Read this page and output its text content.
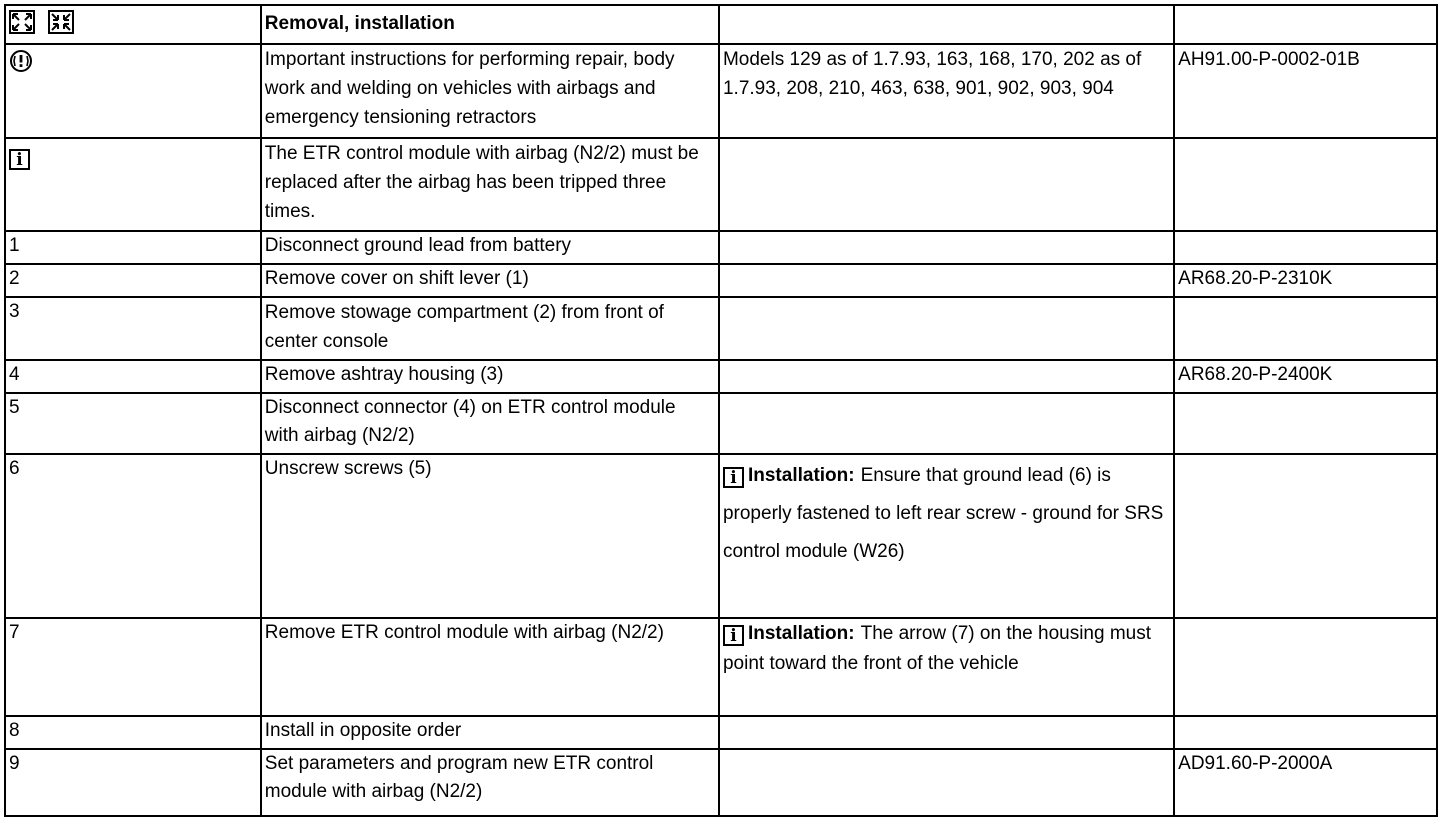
	Removal, installation		
	Important instructions for performing repair, body work and welding on vehicles with airbags and emergency tensioning retractors	Models 129 as of 1.7.93, 163, 168, 170, 202 as of 1.7.93, 208, 210, 463, 638, 901, 902, 903, 904	AH91.00-P-0002-01B
i	The ETR control module with airbag (N2/2) must be replaced after the airbag has been tripped three times.		
1	Disconnect ground lead from battery		
2	Remove cover on shift lever (1)		AR68.20-P-2310K
3	Remove stowage compartment (2) from front of center console		
4	Remove ashtray housing (3)		AR68.20-P-2400K
5	Disconnect connector (4) on ETR control module with airbag (N2/2)		
6	Unscrew screws (5)	i Installation: Ensure that ground lead (6) is properly fastened to left rear screw - ground for SRS control module (W26)	

7	Remove ETR control module with airbag (N2/2)	i Installation: The arrow (7) on the housing must point toward the front of the vehicle	

8	Install in opposite order		
9	Set parameters and program new ETR control module with airbag (N2/2)		AD91.60-P-2000A
